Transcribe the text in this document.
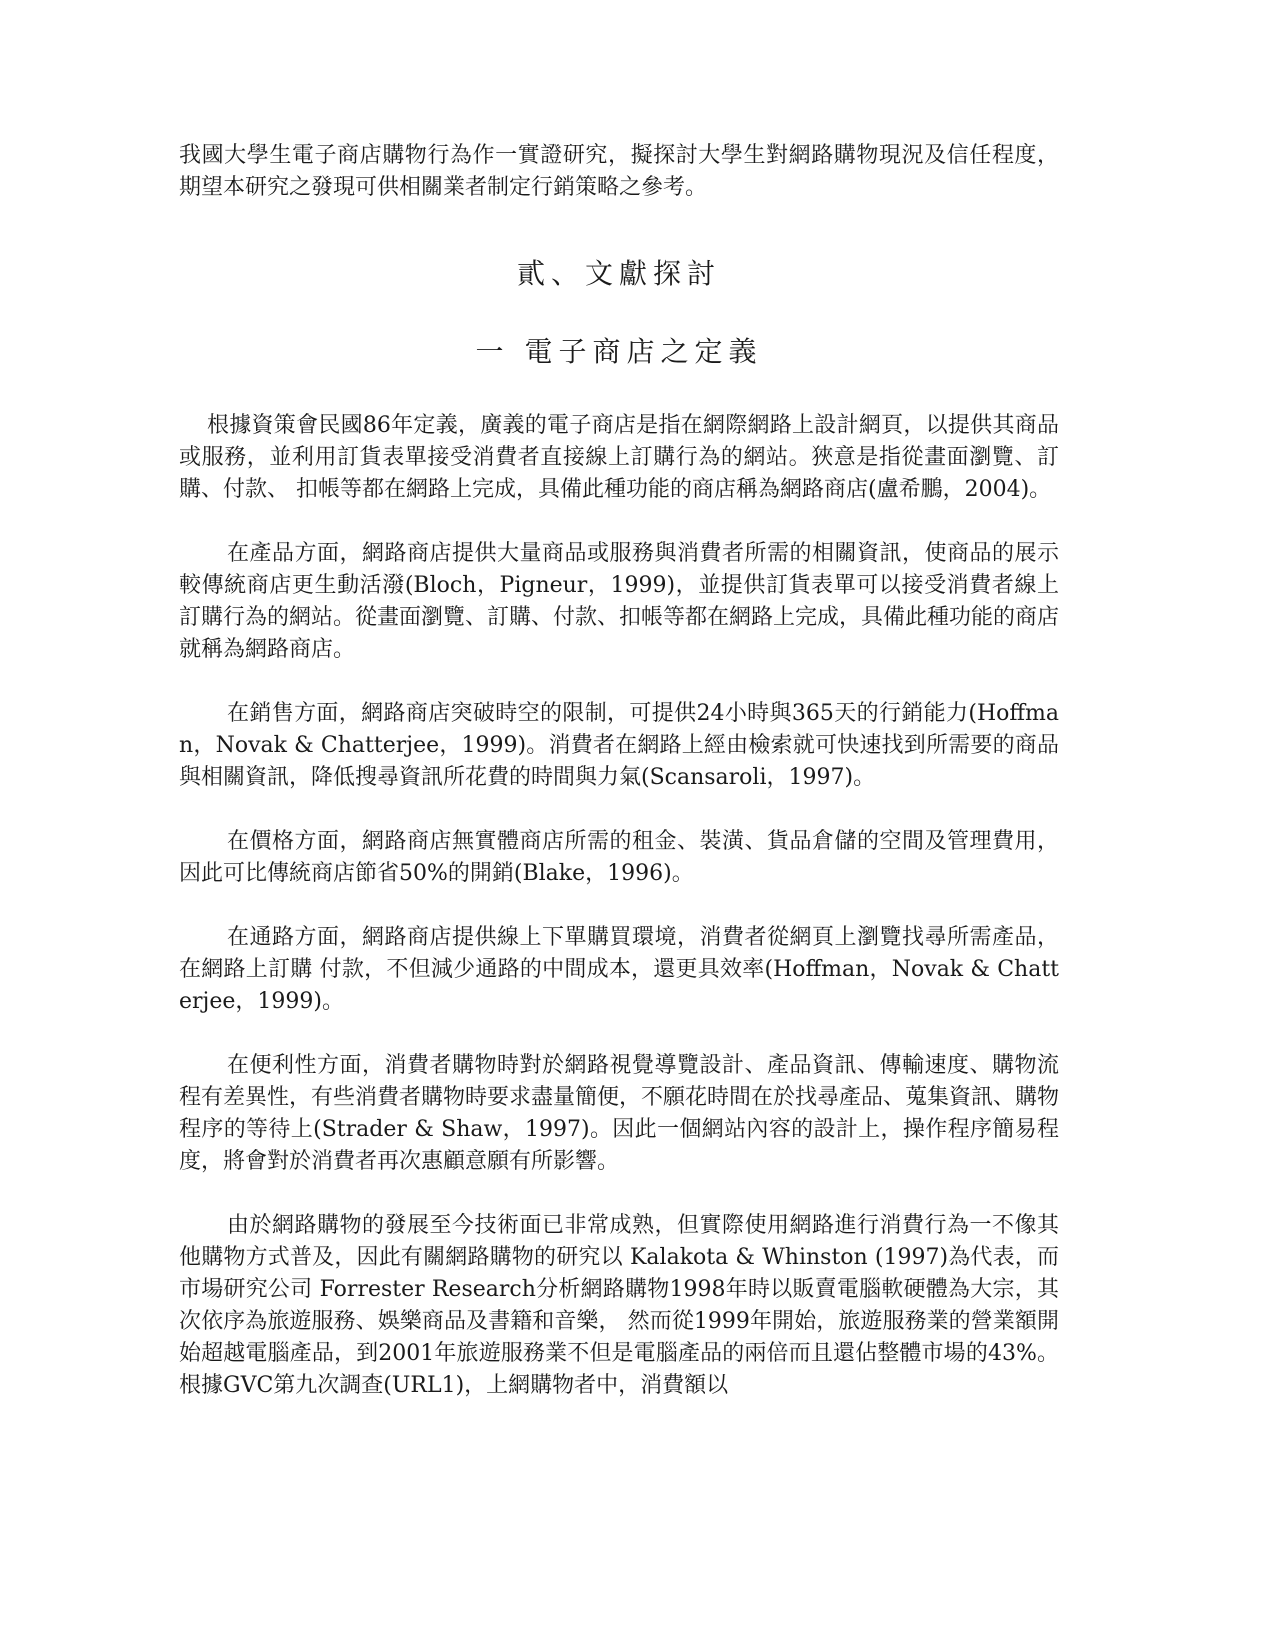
我國大學生電子商店購物行為作一實證研究，擬探討大學生對網路購物現況及信任程度， 期望本研究之發現可供相關業者制定行銷策略之參考。

貳、文獻探討
一 電子商店之定義

根據資策會民國86年定義，廣義的電子商店是指在網際網路上設計網頁，以提供其商品或服務，並利用訂貨表單接受消費者直接線上訂購行為的網站。狹意是指從畫面瀏覽、訂購、付款、 扣帳等都在網路上完成，具備此種功能的商店稱為網路商店(盧希鵬，2004)。

在產品方面，網路商店提供大量商品或服務與消費者所需的相關資訊，使商品的展示較傳統商店更生動活潑(Bloch，Pigneur，1999)，並提供訂貨表單可以接受消費者線上訂購行為的網站。從畫面瀏覽、訂購、付款、扣帳等都在網路上完成，具備此種功能的商店就稱為網路商店。

在銷售方面，網路商店突破時空的限制，可提供24小時與365天的行銷能力(Hoffman，Novak & Chatterjee，1999)。消費者在網路上經由檢索就可快速找到所需要的商品與相關資訊，降低搜尋資訊所花費的時間與力氣(Scansaroli，1997)。

在價格方面，網路商店無實體商店所需的租金、裝潢、貨品倉儲的空間及管理費用，因此可比傳統商店節省50%的開銷(Blake，1996)。

在通路方面，網路商店提供線上下單購買環境，消費者從網頁上瀏覽找尋所需產品，在網路上訂購 付款，不但減少通路的中間成本，還更具效率(Hoffman，Novak & Chatterjee，1999)。

在便利性方面，消費者購物時對於網路視覺導覽設計、產品資訊、傳輸速度、購物流程有差異性，有些消費者購物時要求盡量簡便，不願花時間在於找尋產品、蒐集資訊、購物程序的等待上(Strader & Shaw，1997)。因此一個網站內容的設計上，操作程序簡易程度，將會對於消費者再次惠顧意願有所影響。

由於網路購物的發展至今技術面已非常成熟，但實際使用網路進行消費行為一不像其他購物方式普及，因此有關網路購物的研究以 Kalakota & Whinston (1997)為代表，而市場研究公司 Forrester Research分析網路購物1998年時以販賣電腦軟硬體為大宗，其次依序為旅遊服務、娛樂商品及書籍和音樂， 然而從1999年開始，旅遊服務業的營業額開始超越電腦產品，到2001年旅遊服務業不但是電腦產品的兩倍而且還佔整體市場的43%。根據GVC第九次調查(URL1)，上網購物者中，消費額以
